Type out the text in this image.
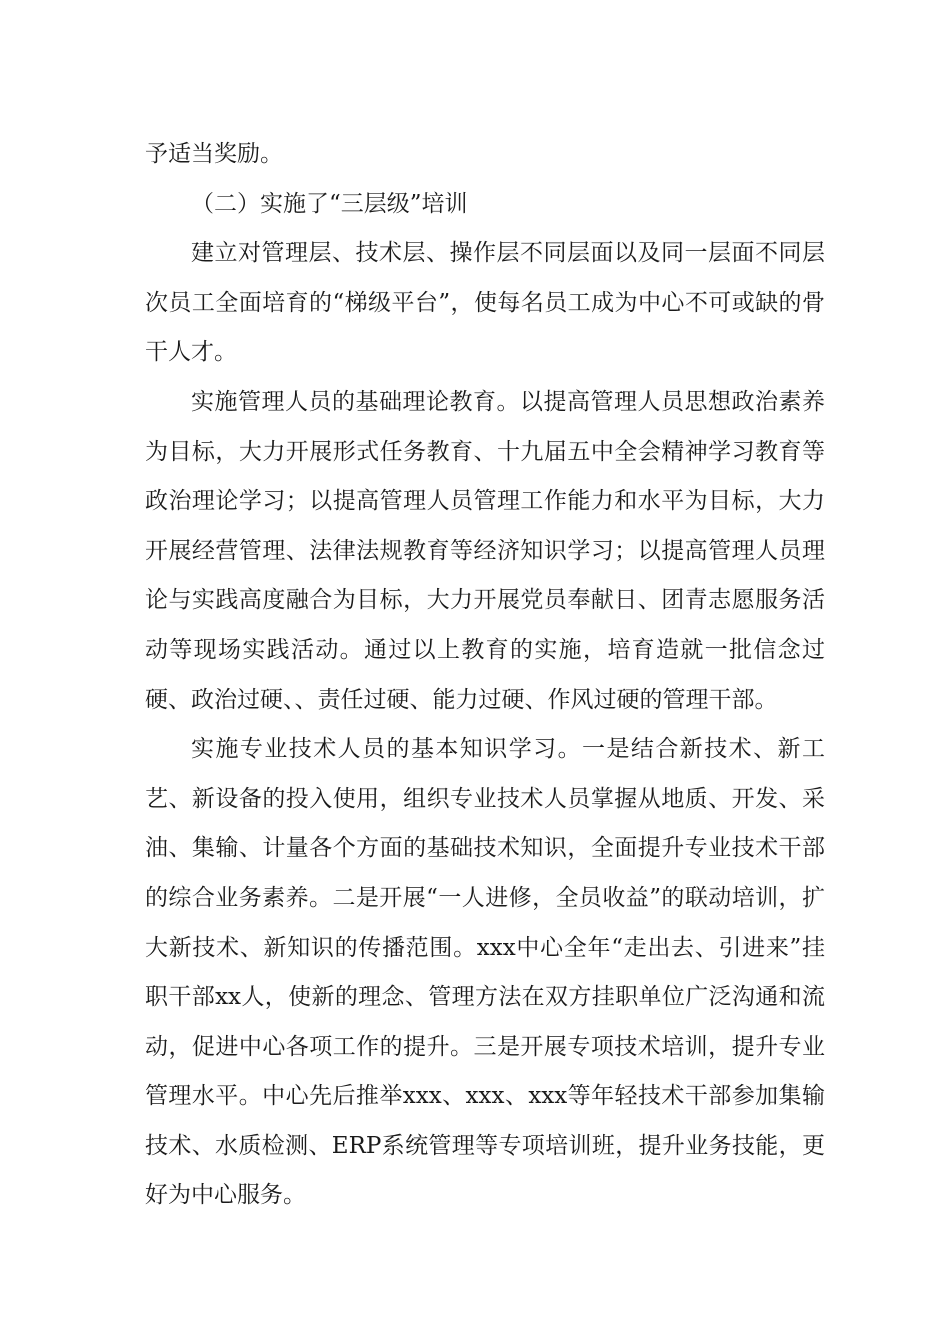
予适当奖励。

（二）实施了“三层级”培训

建立对管理层、技术层、操作层不同层面以及同一层面不同层次员工全面培育的“梯级平台”，使每名员工成为中心不可或缺的骨干人才。

实施管理人员的基础理论教育。以提高管理人员思想政治素养为目标，大力开展形式任务教育、十九届五中全会精神学习教育等政治理论学习；以提高管理人员管理工作能力和水平为目标，大力开展经营管理、法律法规教育等经济知识学习；以提高管理人员理论与实践高度融合为目标，大力开展党员奉献日、团青志愿服务活动等现场实践活动。通过以上教育的实施，培育造就一批信念过硬、政治过硬、、责任过硬、能力过硬、作风过硬的管理干部。

实施专业技术人员的基本知识学习。一是结合新技术、新工艺、新设备的投入使用，组织专业技术人员掌握从地质、开发、采油、集输、计量各个方面的基础技术知识，全面提升专业技术干部的综合业务素养。二是开展“一人进修，全员收益”的联动培训，扩大新技术、新知识的传播范围。xxx中心全年“走出去、引进来”挂职干部xx人，使新的理念、管理方法在双方挂职单位广泛沟通和流动，促进中心各项工作的提升。三是开展专项技术培训，提升专业管理水平。中心先后推举xxx、xxx、xxx等年轻技术干部参加集输技术、水质检测、ERP系统管理等专项培训班，提升业务技能，更好为中心服务。
